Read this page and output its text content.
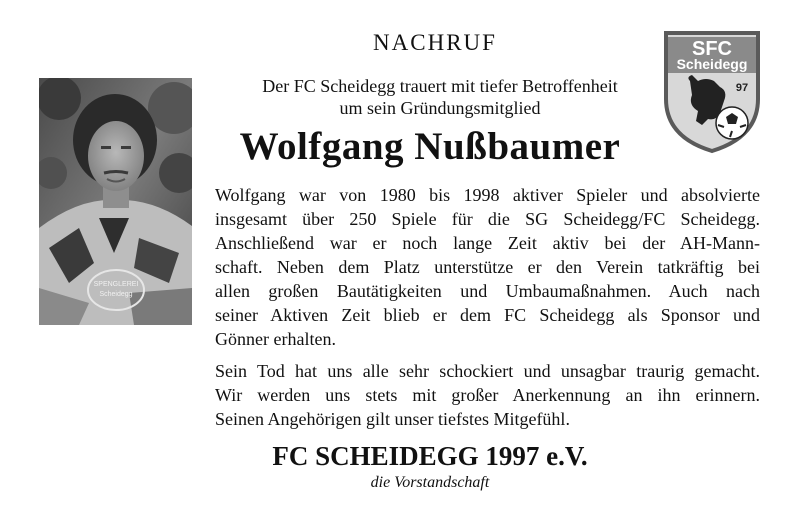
NACHRUF
Der FC Scheidegg trauert mit tiefer Betroffenheit
um sein Gründungsmitglied
Wolfgang Nußbaumer
SPENGLEREI
Scheidegg

Wolfgang war von 1980 bis 1998 aktiver Spieler und absolvierte
insgesamt über 250 Spiele für die SG Scheidegg/FC Scheidegg.
Anschließend war er noch lange Zeit aktiv bei der AH-Mann-
schaft. Neben dem Platz unterstütze er den Verein tatkräftig bei
allen großen Bautätigkeiten und Umbaumaßnahmen. Auch nach
seiner Aktiven Zeit blieb er dem FC Scheidegg als Sponsor und
Gönner erhalten.

Sein Tod hat uns alle sehr schockiert und unsagbar traurig gemacht.
Wir werden uns stets mit großer Anerkennung an ihn erinnern.
Seinen Angehörigen gilt unser tiefstes Mitgefühl.

FC SCHEIDEGG 1997 e.V.
die Vorstandschaft
SFC
Scheidegg
97
